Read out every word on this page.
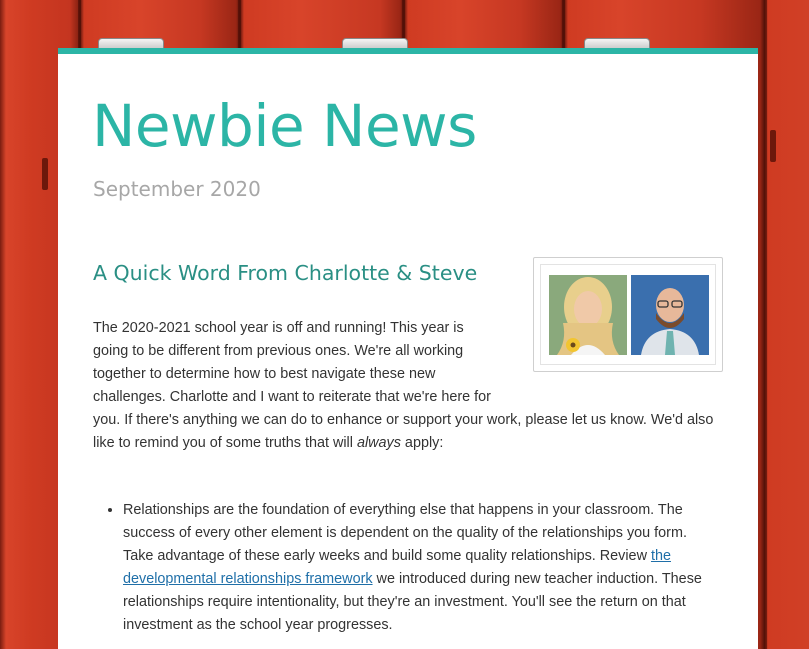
Newbie News
September 2020
A Quick Word From Charlotte & Steve

The 2020-2021 school year is off and running! This year is going to be different from previous ones. We're all working together to determine how to best navigate these new challenges. Charlotte and I want to reiterate that we're here for you. If there's anything we can do to enhance or support your work, please let us know. We'd also like to remind you of some truths that will always apply:

• Relationships are the foundation of everything else that happens in your classroom. The success of every other element is dependent on the quality of the relationships you form. Take advantage of these early weeks and build some quality relationships. Review the developmental relationships framework we introduced during new teacher induction. These relationships require intentionality, but they're an investment. You'll see the return on that investment as the school year progresses.
